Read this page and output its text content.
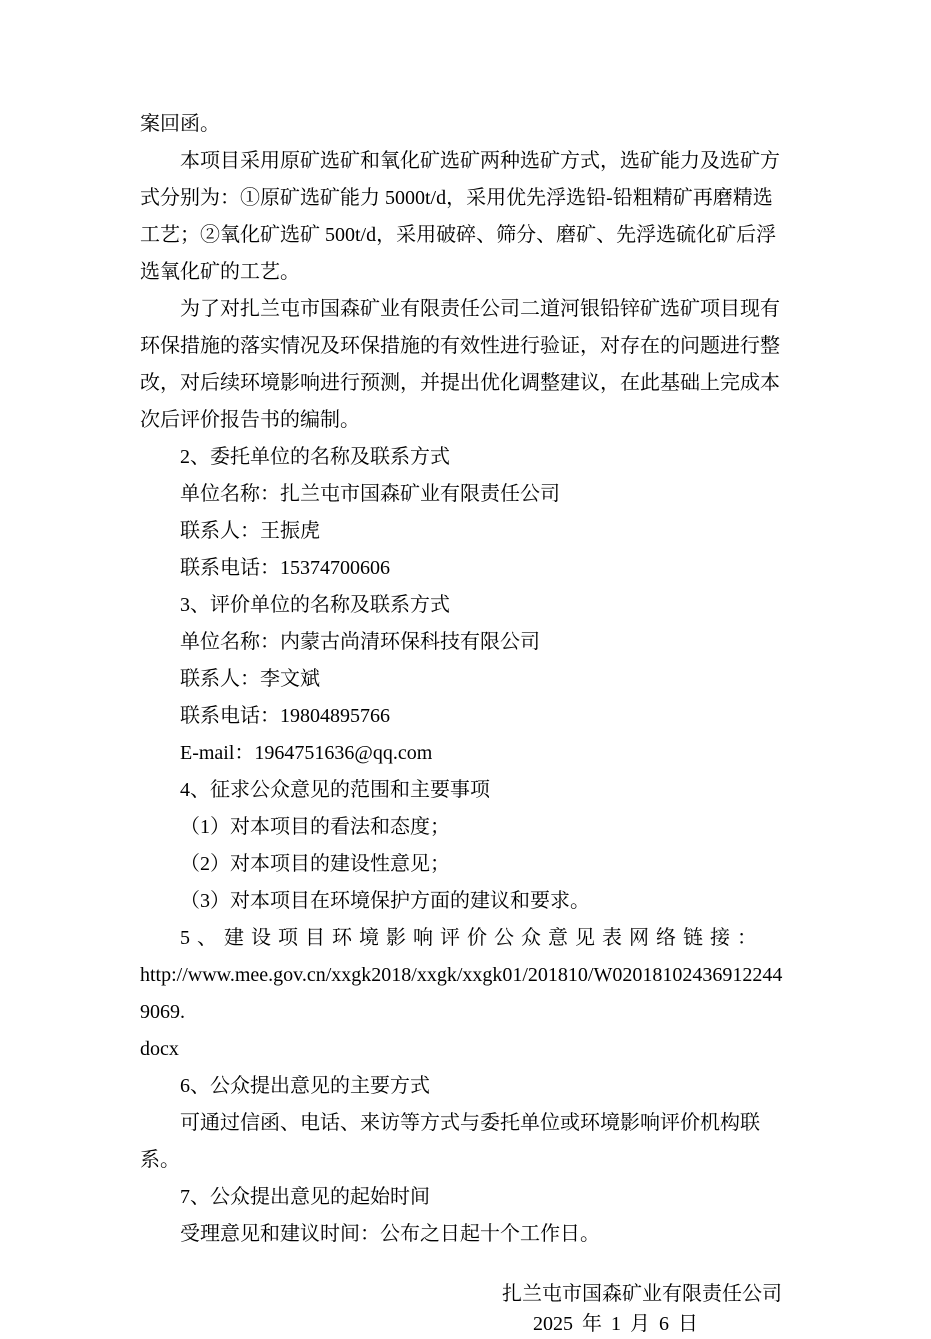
案回函。

本项目采用原矿选矿和氧化矿选矿两种选矿方式，选矿能力及选矿方式分别为：①原矿选矿能力 5000t/d，采用优先浮选铅-铅粗精矿再磨精选工艺；②氧化矿选矿 500t/d，采用破碎、筛分、磨矿、先浮选硫化矿后浮选氧化矿的工艺。

为了对扎兰屯市国森矿业有限责任公司二道河银铅锌矿选矿项目现有环保措施的落实情况及环保措施的有效性进行验证，对存在的问题进行整改，对后续环境影响进行预测，并提出优化调整建议，在此基础上完成本次后评价报告书的编制。

2、委托单位的名称及联系方式

单位名称：扎兰屯市国森矿业有限责任公司

联系人：王振虎

联系电话：15374700606

3、评价单位的名称及联系方式

单位名称：内蒙古尚清环保科技有限公司

联系人：李文斌

联系电话：19804895766

E-mail：1964751636@qq.com

4、征求公众意见的范围和主要事项

（1）对本项目的看法和态度；

（2）对本项目的建设性意见；

（3）对本项目在环境保护方面的建议和要求。

5、建设项目环境影响评价公众意见表网络链接：

http://www.mee.gov.cn/xxgk2018/xxgk/xxgk01/201810/W020181024369122449069.

docx

6、公众提出意见的主要方式

可通过信函、电话、来访等方式与委托单位或环境影响评价机构联系。

7、公众提出意见的起始时间

受理意见和建议时间：公布之日起十个工作日。

扎兰屯市国森矿业有限责任公司

2025 年 1 月 6 日
